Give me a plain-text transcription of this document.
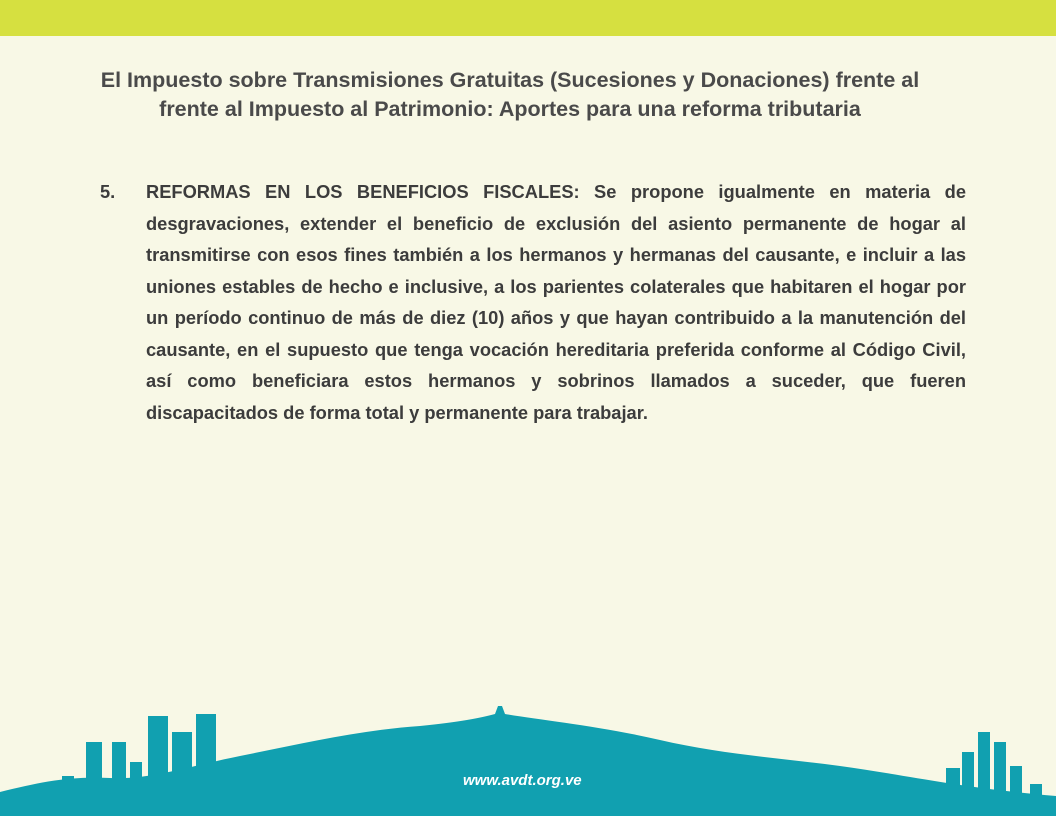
El Impuesto sobre Transmisiones Gratuitas (Sucesiones y Donaciones) frente al frente al Impuesto al Patrimonio: Aportes para una reforma tributaria
5.	REFORMAS EN LOS BENEFICIOS FISCALES: Se propone igualmente en materia de desgravaciones, extender el beneficio de exclusión del asiento permanente de hogar al transmitirse con esos fines también a los hermanos y hermanas del causante, e incluir a las uniones estables de hecho e inclusive, a los parientes colaterales que habitaren el hogar por un período continuo de más de diez (10) años y que hayan contribuido a la manutención del causante, en el supuesto que tenga vocación hereditaria preferida conforme al Código Civil, así como beneficiara estos hermanos y sobrinos llamados a suceder, que fueren discapacitados de forma total y permanente para trabajar.

www.avdt.org.ve
